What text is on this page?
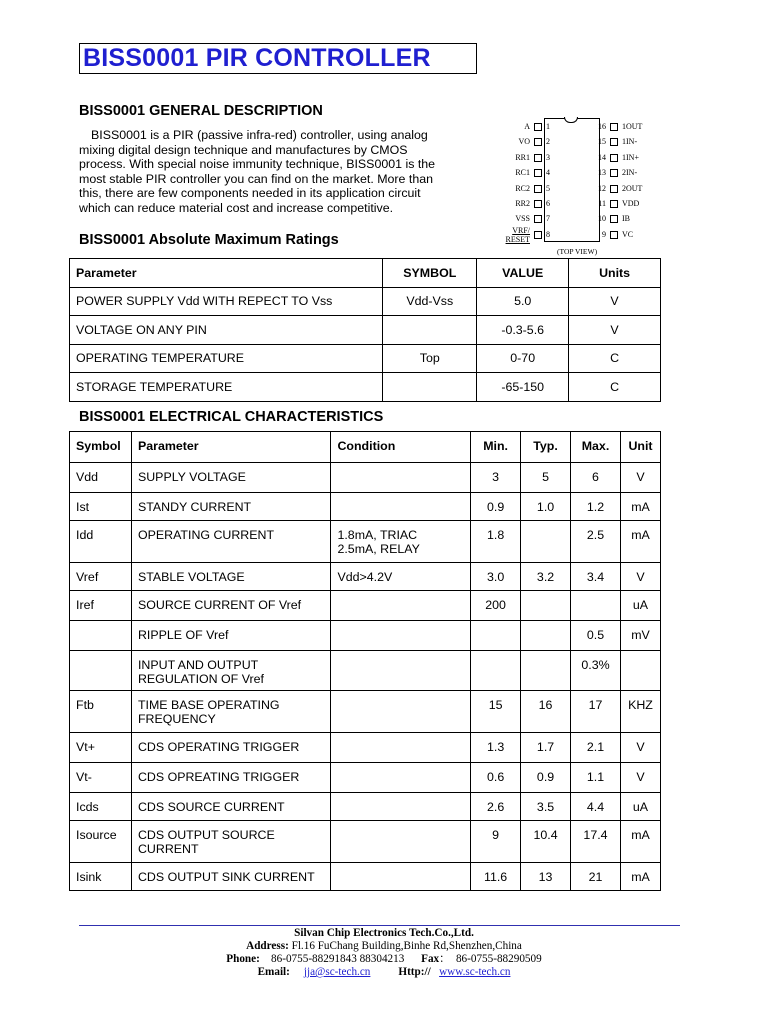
BISS0001 PIR CONTROLLER
BISS0001 GENERAL DESCRIPTION
BISS0001 is a PIR (passive infra-red) controller, using analog
mixing digital design technique and manufactures by CMOS
process. With special noise immunity technique, BISS0001 is the
most stable PIR controller you can find on the market. More than
this, there are few components needed in its application circuit
which can reduce material cost and increase competitive.
(TOP VIEW)
A 1
VO 2
RR1 3
RC1 4
RC2 5
RR2 6
VSS 7
RESET
VRF/ 8
1OUT
16
1IN-
15
1IN+
14
2IN-
13
2OUT
12
VDD
11
IB
10
VC
9
BISS0001 Absolute Maximum Ratings
Parameter	SYMBOL	VALUE	Units
POWER SUPPLY Vdd WITH REPECT TO Vss	Vdd-Vss	5.0	V
VOLTAGE ON ANY PIN		-0.3-5.6	V
OPERATING TEMPERATURE	Top	0-70	C
STORAGE TEMPERATURE		-65-150	C
BISS0001 ELECTRICAL CHARACTERISTICS
Symbol	Parameter	Condition	Min.	Typ.	Max.	Unit

Vdd	SUPPLY VOLTAGE		3	5	6	V

Ist	STANDY CURRENT		0.9	1.0	1.2	mA

Idd	OPERATING CURRENT	1.8mA, TRIAC
2.5mA, RELAY	1.8		2.5	mA

Vref	STABLE VOLTAGE	Vdd>4.2V	3.0	3.2	3.4	V

Iref	SOURCE CURRENT OF Vref		200			uA

	RIPPLE OF Vref				0.5	mV

	INPUT AND OUTPUT
REGULATION OF Vref				0.3%	

Ftb	TIME BASE OPERATING
FREQUENCY		15	16	17	KHZ

Vt+	CDS OPERATING TRIGGER		1.3	1.7	2.1	V

Vt-	CDS OPREATING TRIGGER		0.6	0.9	1.1	V

Icds	CDS SOURCE CURRENT		2.6	3.5	4.4	uA

Isource	CDS OUTPUT SOURCE
CURRENT		9	10.4	17.4	mA

Isink	CDS OUTPUT SINK CURRENT		11.6	13	21	mA
Silvan Chip Electronics Tech.Co.,Ltd.
Address: Fl.16 FuChang Building,Binhe Rd,Shenzhen,China
Phone: 86-0755-88291843 88304213 Fax： 86-0755-88290509
Email: jja@sc-tech.cn Http:// www.sc-tech.cn
